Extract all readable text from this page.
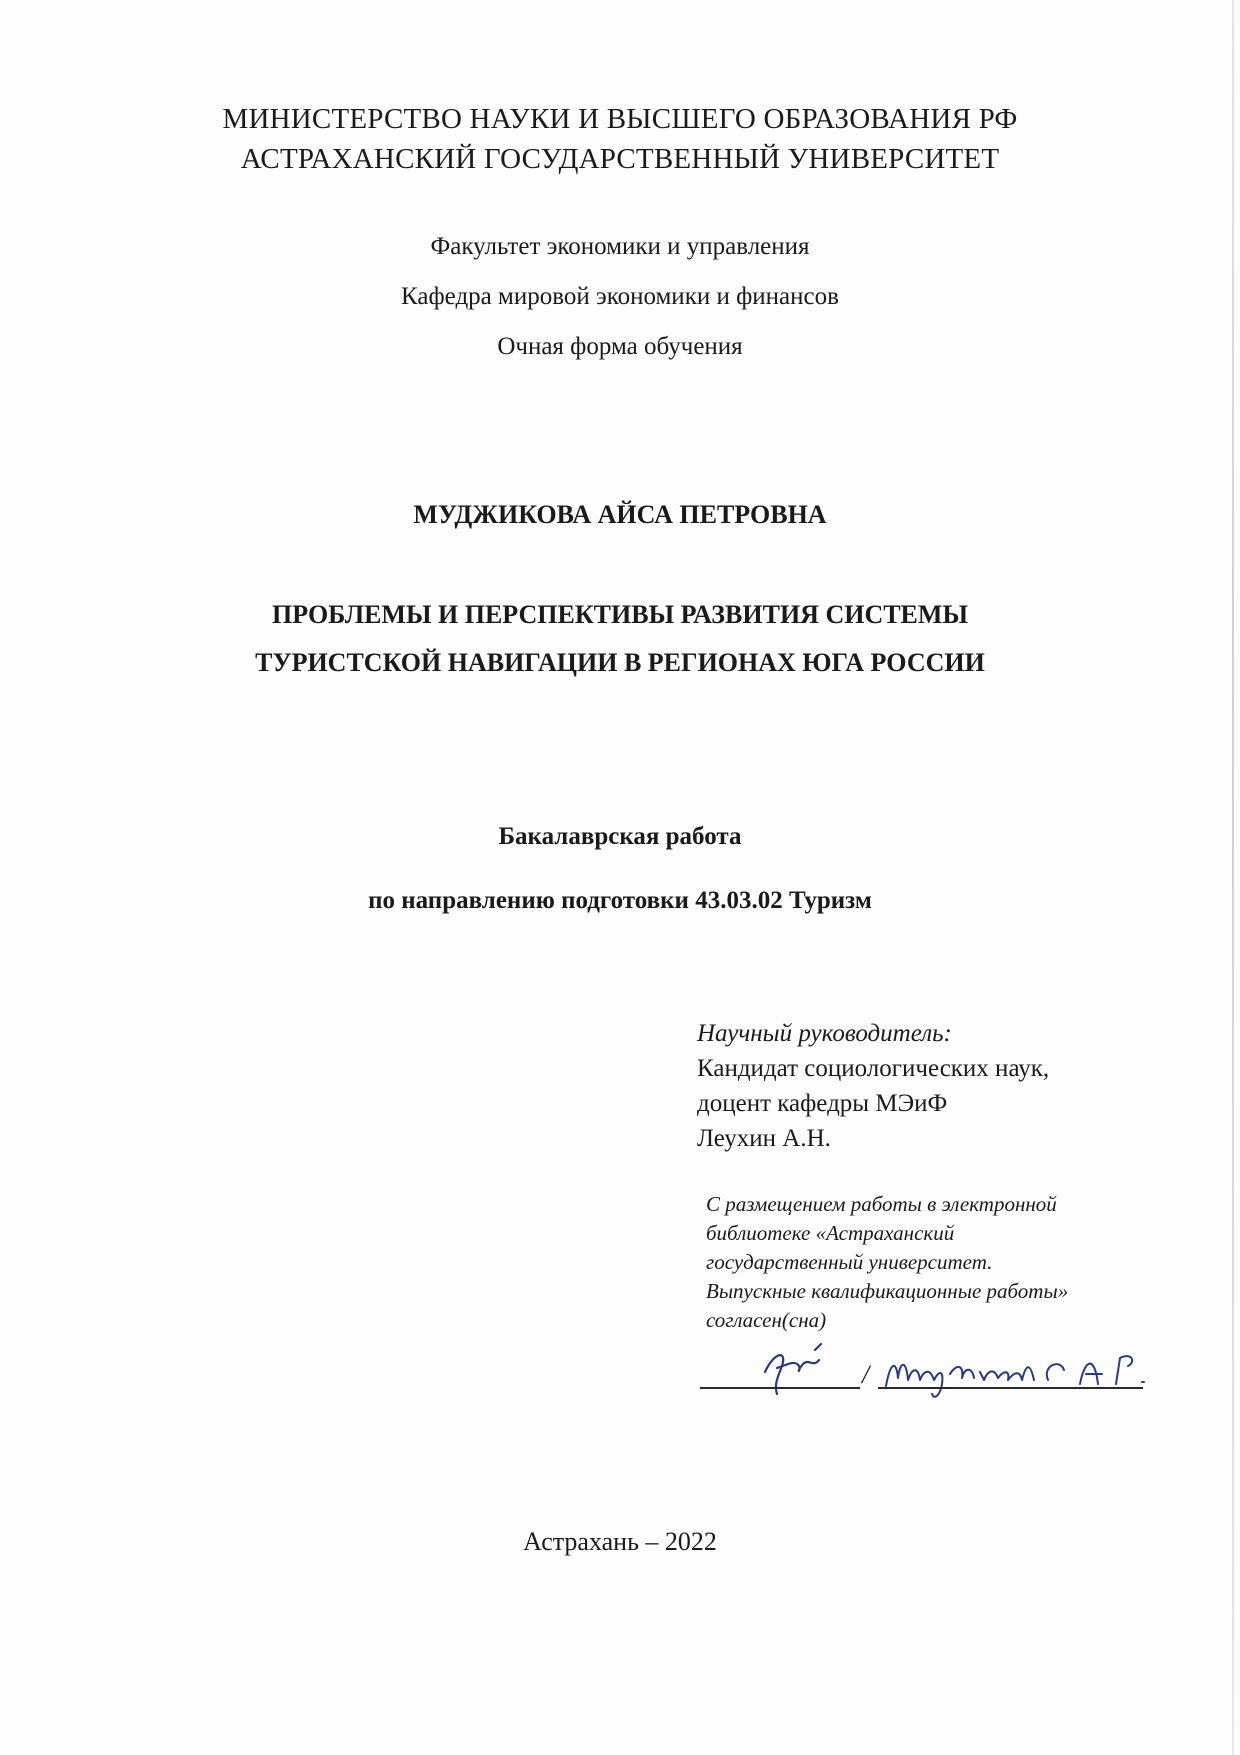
МИНИСТЕРСТВО НАУКИ И ВЫСШЕГО ОБРАЗОВАНИЯ РФ
АСТРАХАНСКИЙ ГОСУДАРСТВЕННЫЙ УНИВЕРСИТЕТ
Факультет экономики и управления
Кафедра мировой экономики и финансов
Очная форма обучения
МУДЖИКОВА АЙСА ПЕТРОВНА
ПРОБЛЕМЫ И ПЕРСПЕКТИВЫ РАЗВИТИЯ СИСТЕМЫ
ТУРИСТСКОЙ НАВИГАЦИИ В РЕГИОНАХ ЮГА РОССИИ
Бакалаврская работа
по направлению подготовки 43.03.02 Туризм
Научный руководитель:
Кандидат социологических наук,
доцент кафедры МЭиФ
Леухин А.Н.
С размещением работы в электронной
библиотеке «Астраханский
государственный университет.
Выпускные квалификационные работы»
согласен(сна)
/
Астрахань – 2022
